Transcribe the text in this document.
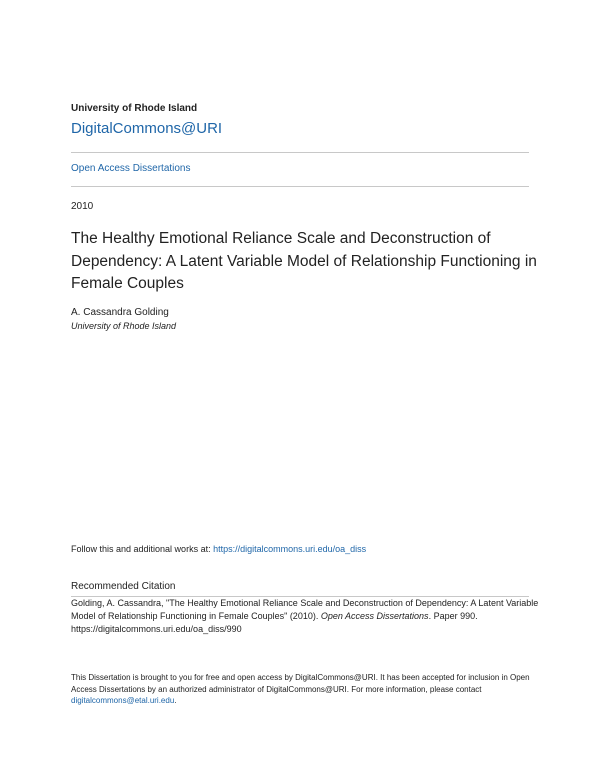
University of Rhode Island
DigitalCommons@URI
Open Access Dissertations
2010
The Healthy Emotional Reliance Scale and Deconstruction of Dependency: A Latent Variable Model of Relationship Functioning in Female Couples
A. Cassandra Golding
University of Rhode Island
Follow this and additional works at: https://digitalcommons.uri.edu/oa_diss
Recommended Citation
Golding, A. Cassandra, "The Healthy Emotional Reliance Scale and Deconstruction of Dependency: A Latent Variable Model of Relationship Functioning in Female Couples" (2010). Open Access Dissertations. Paper 990.
https://digitalcommons.uri.edu/oa_diss/990
This Dissertation is brought to you for free and open access by DigitalCommons@URI. It has been accepted for inclusion in Open Access Dissertations by an authorized administrator of DigitalCommons@URI. For more information, please contact digitalcommons@etal.uri.edu.
